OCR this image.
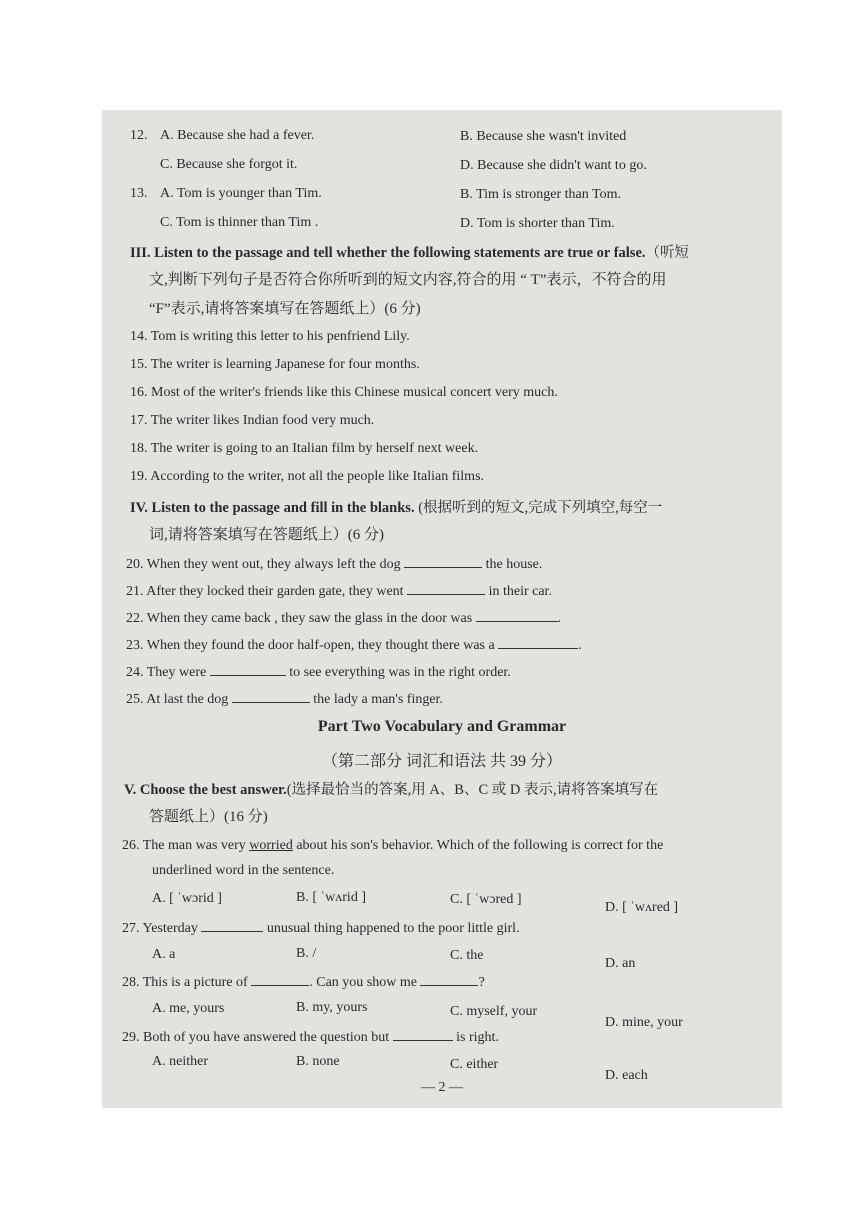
12. A. Because she had a fever.	B. Because she wasn't invited
C. Because she forgot it.	D. Because she didn't want to go.
13. A. Tom is younger than Tim.	B. Tim is stronger than Tom.
C. Tom is thinner than Tim .	D. Tom is shorter than Tim.
III. Listen to the passage and tell whether the following statements are true or false.（听短
文,判断下列句子是否符合你所听到的短文内容,符合的用 “ T”表示，不符合的用
“F”表示,请将答案填写在答题纸上）(6 分)
14. Tom is writing this letter to his penfriend Lily.
15. The writer is learning Japanese for four months.
16. Most of the writer's friends like this Chinese musical concert very much.
17. The writer likes Indian food very much.
18. The writer is going to an Italian film by herself next week.
19. According to the writer, not all the people like Italian films.
IV. Listen to the passage and fill in the blanks. (根据听到的短文,完成下列填空,每空一
词,请将答案填写在答题纸上）(6 分)
20. When they went out, they always left the dog	the house.
21. After they locked their garden gate, they went	in their car.
22. When they came back , they saw the glass in the door was	.
23. When they found the door half-open, they thought there was a	.
24. They were	to see everything was in the right order.
25. At last the dog	the lady a man's finger.
Part Two Vocabulary and Grammar
（第二部分 词汇和语法 共 39 分）
V. Choose the best answer.(选择最恰当的答案,用 A、B、C 或 D 表示,请将答案填写在
答题纸上）(16 分)
26. The man was very worried about his son's behavior. Which of the following is correct for the
underlined word in the sentence.
A. [ ˈwɔrid ]	B. [ ˈwʌrid ]	C. [ ˈwɔred ]
D. [ ˈwʌred ]
27. Yesterday	unusual thing happened to the poor little girl.
A. a	B. /	C. the
D. an
28. This is a picture of	. Can you show me	?
A. me, yours	B. my, yours	C. myself, your
D. mine, your
29. Both of you have answered the question but	is right.
A. neither	B. none	C. either
D. each
— 2 —
